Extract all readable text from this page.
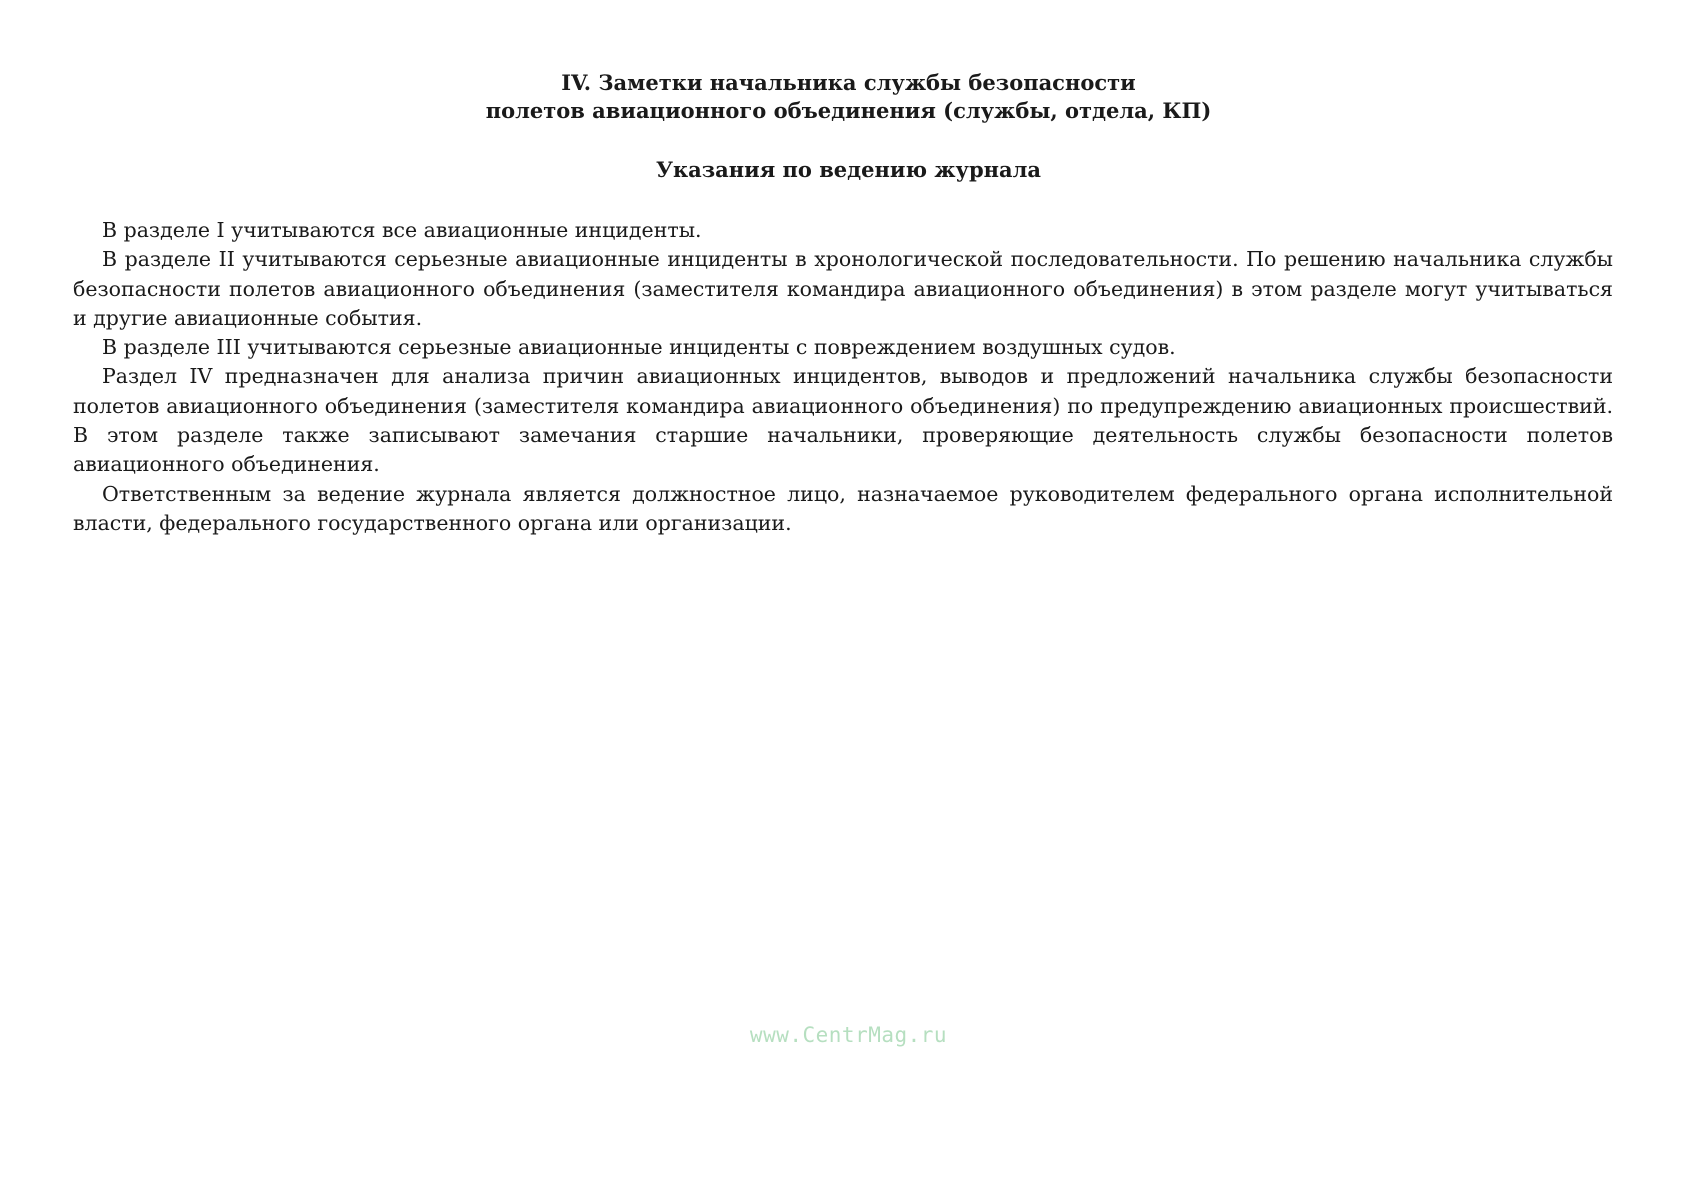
IV. Заметки начальника службы безопасности
полетов авиационного объединения (службы, отдела, КП)
Указания по ведению журнала

В разделе I учитываются все авиационные инциденты.

В разделе II учитываются серьезные авиационные инциденты в хронологической последовательности. По решению начальника службы безопасности полетов авиационного объединения (заместителя командира авиационного объединения) в этом разделе могут учитываться и другие авиационные события.

В разделе III учитываются серьезные авиационные инциденты с повреждением воздушных судов.

Раздел IV предназначен для анализа причин авиационных инцидентов, выводов и предложений начальника службы безопасности полетов авиационного объединения (заместителя командира авиационного объединения) по предупреждению авиационных происшествий. В этом разделе также записывают замечания старшие начальники, проверяющие деятельность службы безопасности полетов авиационного объединения.

Ответственным за ведение журнала является должностное лицо, назначаемое руководителем федерального органа исполнительной власти, федерального государственного органа или организации.

www.CentrMag.ru
